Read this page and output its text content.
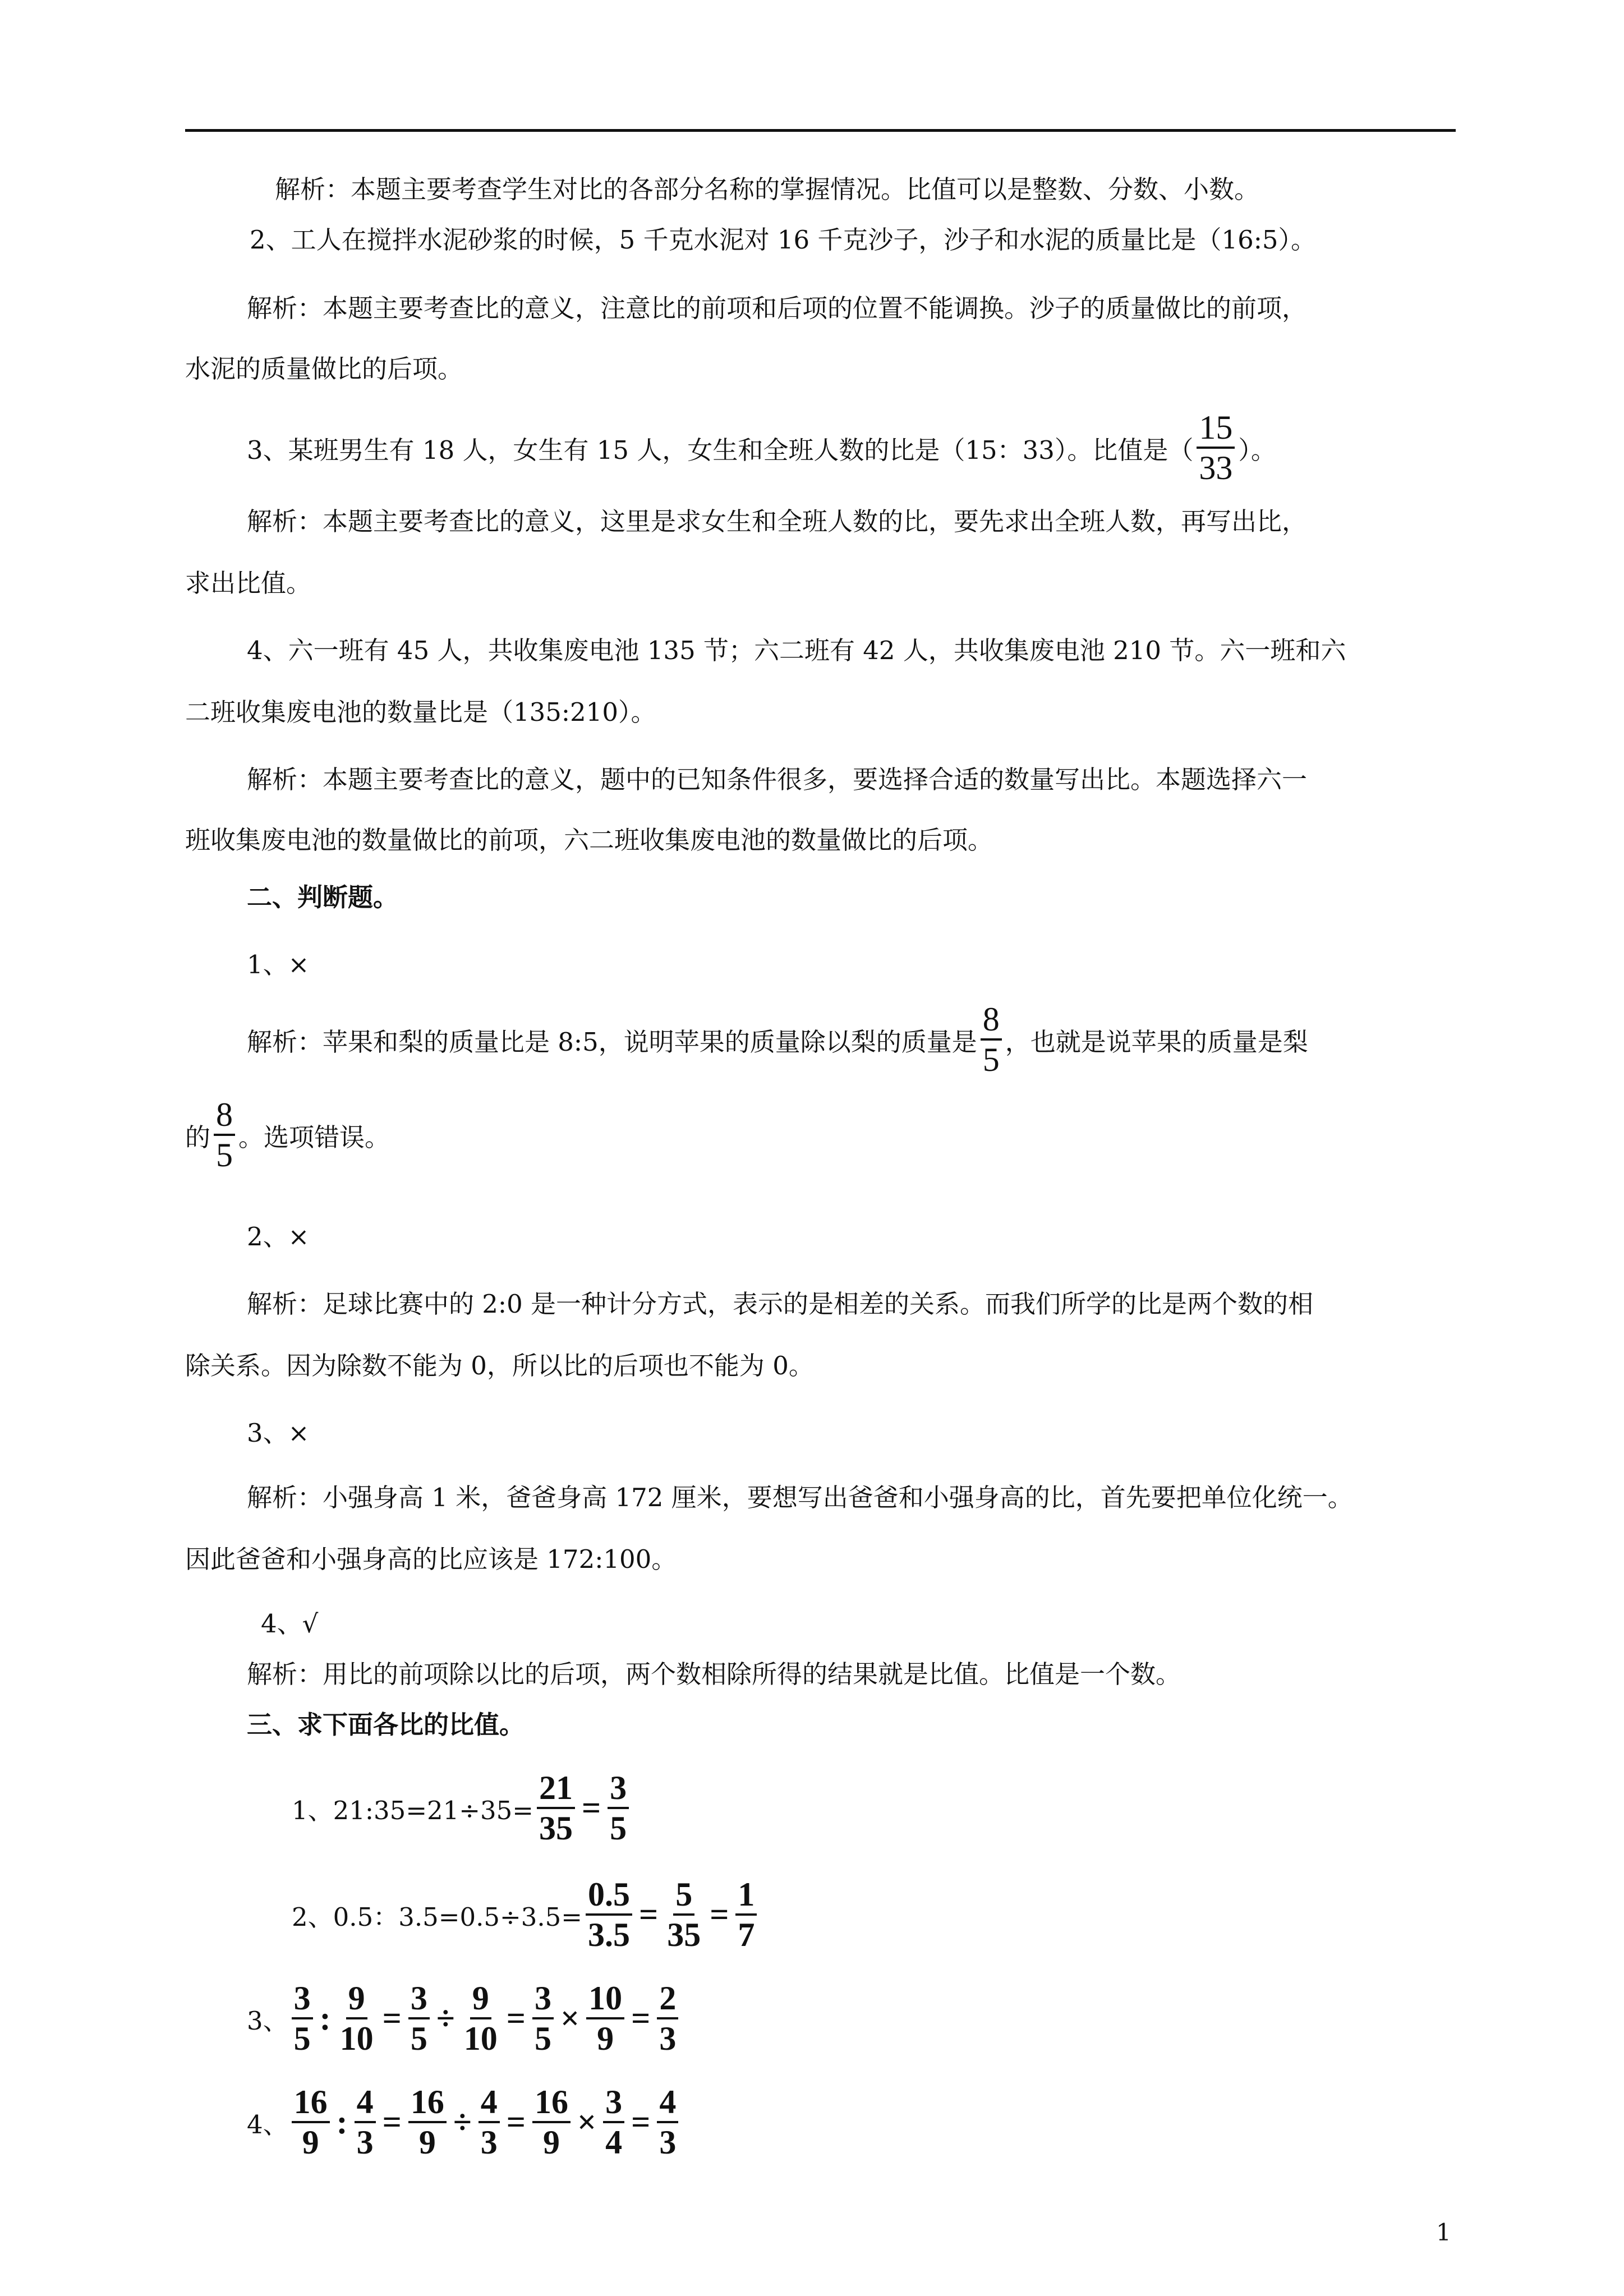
解析：本题主要考查学生对比的各部分名称的掌握情况。比值可以是整数、分数、小数。
2、工人在搅拌水泥砂浆的时候，5 千克水泥对 16 千克沙子，沙子和水泥的质量比是（16:5）。
解析：本题主要考查比的意义，注意比的前项和后项的位置不能调换。沙子的质量做比的前项，
水泥的质量做比的后项。
3、某班男生有 18 人，女生有 15 人，女生和全班人数的比是（15：33）。比值是（ $\frac{15}{33}$ ）。
解析：本题主要考查比的意义，这里是求女生和全班人数的比，要先求出全班人数，再写出比，
求出比值。
4、六一班有 45 人，共收集废电池 135 节；六二班有 42 人，共收集废电池 210 节。六一班和六
二班收集废电池的数量比是（135:210）。
解析：本题主要考查比的意义，题中的已知条件很多，要选择合适的数量写出比。本题选择六一
班收集废电池的数量做比的前项，六二班收集废电池的数量做比的后项。
二、判断题。
1、×
解析：苹果和梨的质量比是 8:5，说明苹果的质量除以梨的质量是 $\frac{8}{5}$ ，也就是说苹果的质量是梨
的 $\frac{8}{5}$ 。选项错误。
2、×
解析：足球比赛中的 2:0 是一种计分方式，表示的是相差的关系。而我们所学的比是两个数的相
除关系。因为除数不能为 0，所以比的后项也不能为 0。
3、×
解析：小强身高 1 米，爸爸身高 172 厘米，要想写出爸爸和小强身高的比，首先要把单位化统一。
因此爸爸和小强身高的比应该是 172:100。
4、√
解析：用比的前项除以比的后项，两个数相除所得的结果就是比值。比值是一个数。
三、求下面各比的比值。
1、21:35=21÷35= $\frac{21}{35} = \frac{3}{5}$
2、0.5：$3.5=0.5\div 3.5= \frac{0.5}{3.5} = \frac{5}{35} = \frac{1}{7}$
3、 $\frac{3}{5}$ : $\frac{9}{10} = \frac{3}{5} \div \frac{9}{10} = \frac{3}{5} \times \frac{10}{9} = \frac{2}{3}$
4、 $\frac{16}{9}$ : $\frac{4}{3} = \frac{16}{9} \div \frac{4}{3} = \frac{16}{9} \times \frac{3}{4} = \frac{4}{3}$
1
